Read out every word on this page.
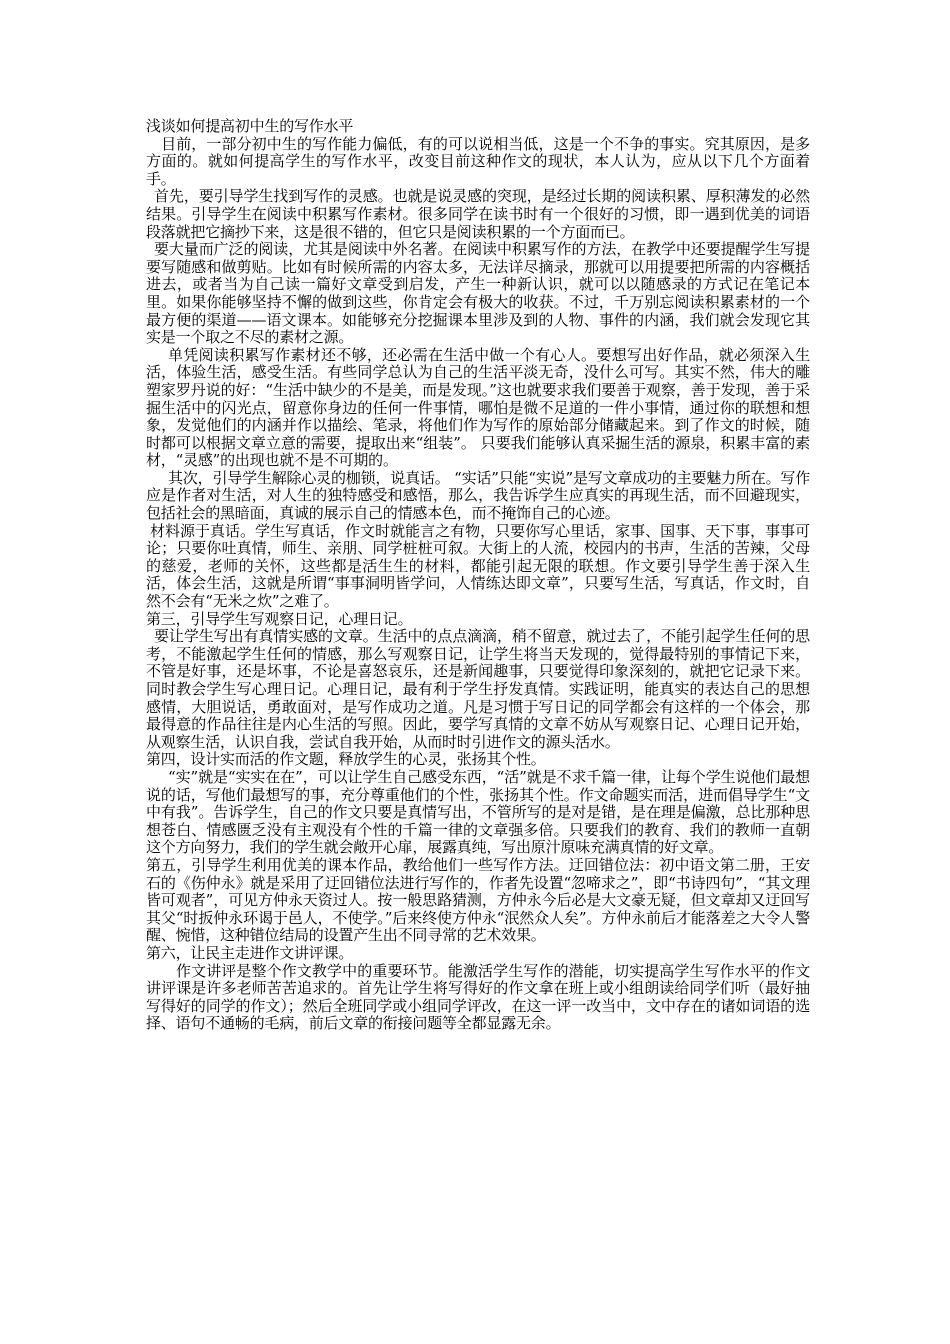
浅谈如何提高初中生的写作水平

　目前，一部分初中生的写作能力偏低，有的可以说相当低，这是一个不争的事实。究其原因，是多方面的。就如何提高学生的写作水平，改变目前这种作文的现状，本人认为，应从以下几个方面着手。

首先，要引导学生找到写作的灵感。也就是说灵感的突现，是经过长期的阅读积累、厚积薄发的必然结果。引导学生在阅读中积累写作素材。很多同学在读书时有一个很好的习惯，即一遇到优美的词语段落就把它摘抄下来，这是很不错的，但它只是阅读积累的一个方面而已。

要大量而广泛的阅读，尤其是阅读中外名著。在阅读中积累写作的方法，在教学中还要提醒学生写提要写随感和做剪贴。比如有时候所需的内容太多，无法详尽摘录，那就可以用提要把所需的内容概括进去，或者当为自己读一篇好文章受到启发，产生一种新认识，就可以以随感录的方式记在笔记本里。如果你能够坚持不懈的做到这些，你肯定会有极大的收获。不过，千万别忘阅读积累素材的一个最方便的渠道——语文课本。如能够充分挖掘课本里涉及到的人物、事件的内涵，我们就会发现它其实是一个取之不尽的素材之源。

单凭阅读积累写作素材还不够，还必需在生活中做一个有心人。要想写出好作品，就必须深入生活，体验生活，感受生活。有些同学总认为自己的生活平淡无奇，没什么可写。其实不然，伟大的雕塑家罗丹说的好：“生活中缺少的不是美，而是发现。”这也就要求我们要善于观察，善于发现，善于采掘生活中的闪光点，留意你身边的任何一件事情，哪怕是微不足道的一件小事情，通过你的联想和想象，发觉他们的内涵并作以描绘、笔录，将他们作为写作的原始部分储藏起来。到了作文的时候，随时都可以根据文章立意的需要，提取出来“组装”。 只要我们能够认真采掘生活的源泉，积累丰富的素材，“灵感”的出现也就不是不可期的。

其次，引导学生解除心灵的枷锁，说真话。 “实话”只能“实说”是写文章成功的主要魅力所在。写作应是作者对生活，对人生的独特感受和感悟，那么，我告诉学生应真实的再现生活，而不回避现实，包括社会的黑暗面，真诚的展示自己的情感本色，而不掩饰自己的心迹。

材料源于真话。学生写真话，作文时就能言之有物，只要你写心里话，家事、国事、天下事，事事可论；只要你吐真情，师生、亲朋、同学桩桩可叙。大街上的人流，校园内的书声，生活的苦辣，父母的慈爱，老师的关怀，这些都是活生生的材料，都能引起无限的联想。作文要引导学生善于深入生活，体会生活，这就是所谓“事事洞明皆学问，人情练达即文章”，只要写生活，写真话，作文时，自然不会有“无米之炊”之难了。

第三，引导学生写观察日记，心理日记。

要让学生写出有真情实感的文章。生活中的点点滴滴，稍不留意，就过去了，不能引起学生任何的思考，不能激起学生任何的情感，那么写观察日记，让学生将当天发现的，觉得最特别的事情记下来，不管是好事，还是坏事，不论是喜怒哀乐，还是新闻趣事，只要觉得印象深刻的，就把它记录下来。同时教会学生写心理日记。心理日记，最有利于学生抒发真情。实践证明，能真实的表达自己的思想感情，大胆说话，勇敢面对，是写作成功之道。凡是习惯于写日记的同学都会有这样的一个体会，那最得意的作品往往是内心生活的写照。因此，要学写真情的文章不妨从写观察日记、心理日记开始，从观察生活，认识自我，尝试自我开始，从而时时引进作文的源头活水。

第四，设计实而活的作文题，释放学生的心灵，张扬其个性。

“实”就是“实实在在”，可以让学生自己感受东西，“活”就是不求千篇一律，让每个学生说他们最想说的话，写他们最想写的事，充分尊重他们的个性，张扬其个性。作文命题实而活，进而倡导学生“文中有我”。告诉学生，自己的作文只要是真情写出，不管所写的是对是错，是在理是偏激，总比那种思想苍白、情感匮乏没有主观没有个性的千篇一律的文章强多倍。只要我们的教育、我们的教师一直朝这个方向努力，我们的学生就会敞开心扉，展露真纯，写出原汁原味充满真情的好文章。

第五，引导学生利用优美的课本作品，教给他们一些写作方法。迂回错位法：初中语文第二册，王安石的《伤仲永》就是采用了迂回错位法进行写作的，作者先设置“忽啼求之”，即“书诗四句”，“其文理皆可观者”，可见方仲永天资过人。按一般思路猜测，方仲永今后必是大文豪无疑，但文章却又迂回写其父“时扳仲永环谒于邑人，不使学。”后来终使方仲永“泯然众人矣”。方仲永前后才能落差之大令人警醒、惋惜，这种错位结局的设置产生出不同寻常的艺术效果。

第六，让民主走进作文讲评课。

作文讲评是整个作文教学中的重要环节。能激活学生写作的潜能，切实提高学生写作水平的作文讲评课是许多老师苦苦追求的。首先让学生将写得好的作文拿在班上或小组朗读给同学们听（最好抽写得好的同学的作文）；然后全班同学或小组同学评改，在这一评一改当中，文中存在的诸如词语的选择、语句不通畅的毛病，前后文章的衔接问题等全都显露无余。
